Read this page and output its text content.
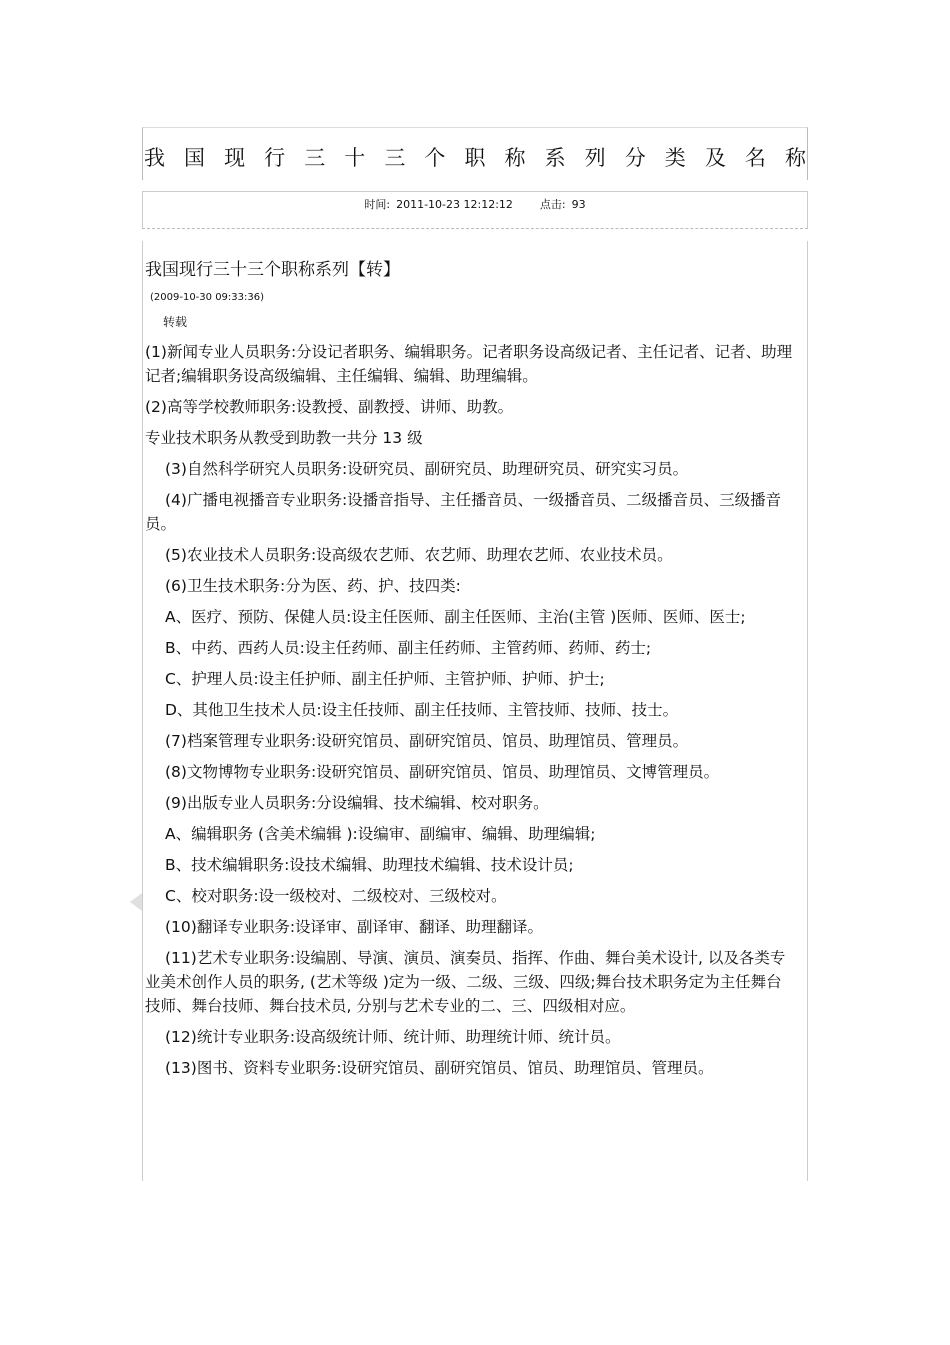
我国现行三十三个职称系列分类及名称
时间: 2011-10-23 12:12:12 点击: 93
我国现行三十三个职称系列【转】
(2009-10-30 09:33:36)
转载

(1)新闻专业人员职务:分设记者职务、编辑职务。记者职务设高级记者、主任记者、记者、助理记者;编辑职务设高级编辑、主任编辑、编辑、助理编辑。

(2)高等学校教师职务:设教授、副教授、讲师、助教。

专业技术职务从教受到助教一共分 13 级

(3)自然科学研究人员职务:设研究员、副研究员、助理研究员、研究实习员。

(4)广播电视播音专业职务:设播音指导、主任播音员、一级播音员、二级播音员、三级播音员。

(5)农业技术人员职务:设高级农艺师、农艺师、助理农艺师、农业技术员。

(6)卫生技术职务:分为医、药、护、技四类:

A、医疗、预防、保健人员:设主任医师、副主任医师、主治(主管 )医师、医师、医士;

B、中药、西药人员:设主任药师、副主任药师、主管药师、药师、药士;

C、护理人员:设主任护师、副主任护师、主管护师、护师、护士;

D、其他卫生技术人员:设主任技师、副主任技师、主管技师、技师、技士。

(7)档案管理专业职务:设研究馆员、副研究馆员、馆员、助理馆员、管理员。

(8)文物博物专业职务:设研究馆员、副研究馆员、馆员、助理馆员、文博管理员。

(9)出版专业人员职务:分设编辑、技术编辑、校对职务。

A、编辑职务 (含美术编辑 ):设编审、副编审、编辑、助理编辑;

B、技术编辑职务:设技术编辑、助理技术编辑、技术设计员;

C、校对职务:设一级校对、二级校对、三级校对。

(10)翻译专业职务:设译审、副译审、翻译、助理翻译。

(11)艺术专业职务:设编剧、导演、演员、演奏员、指挥、作曲、舞台美术设计, 以及各类专业美术创作人员的职务, (艺术等级 )定为一级、二级、三级、四级;舞台技术职务定为主任舞台技师、舞台技师、舞台技术员, 分别与艺术专业的二、三、四级相对应。

(12)统计专业职务:设高级统计师、统计师、助理统计师、统计员。

(13)图书、资料专业职务:设研究馆员、副研究馆员、馆员、助理馆员、管理员。
